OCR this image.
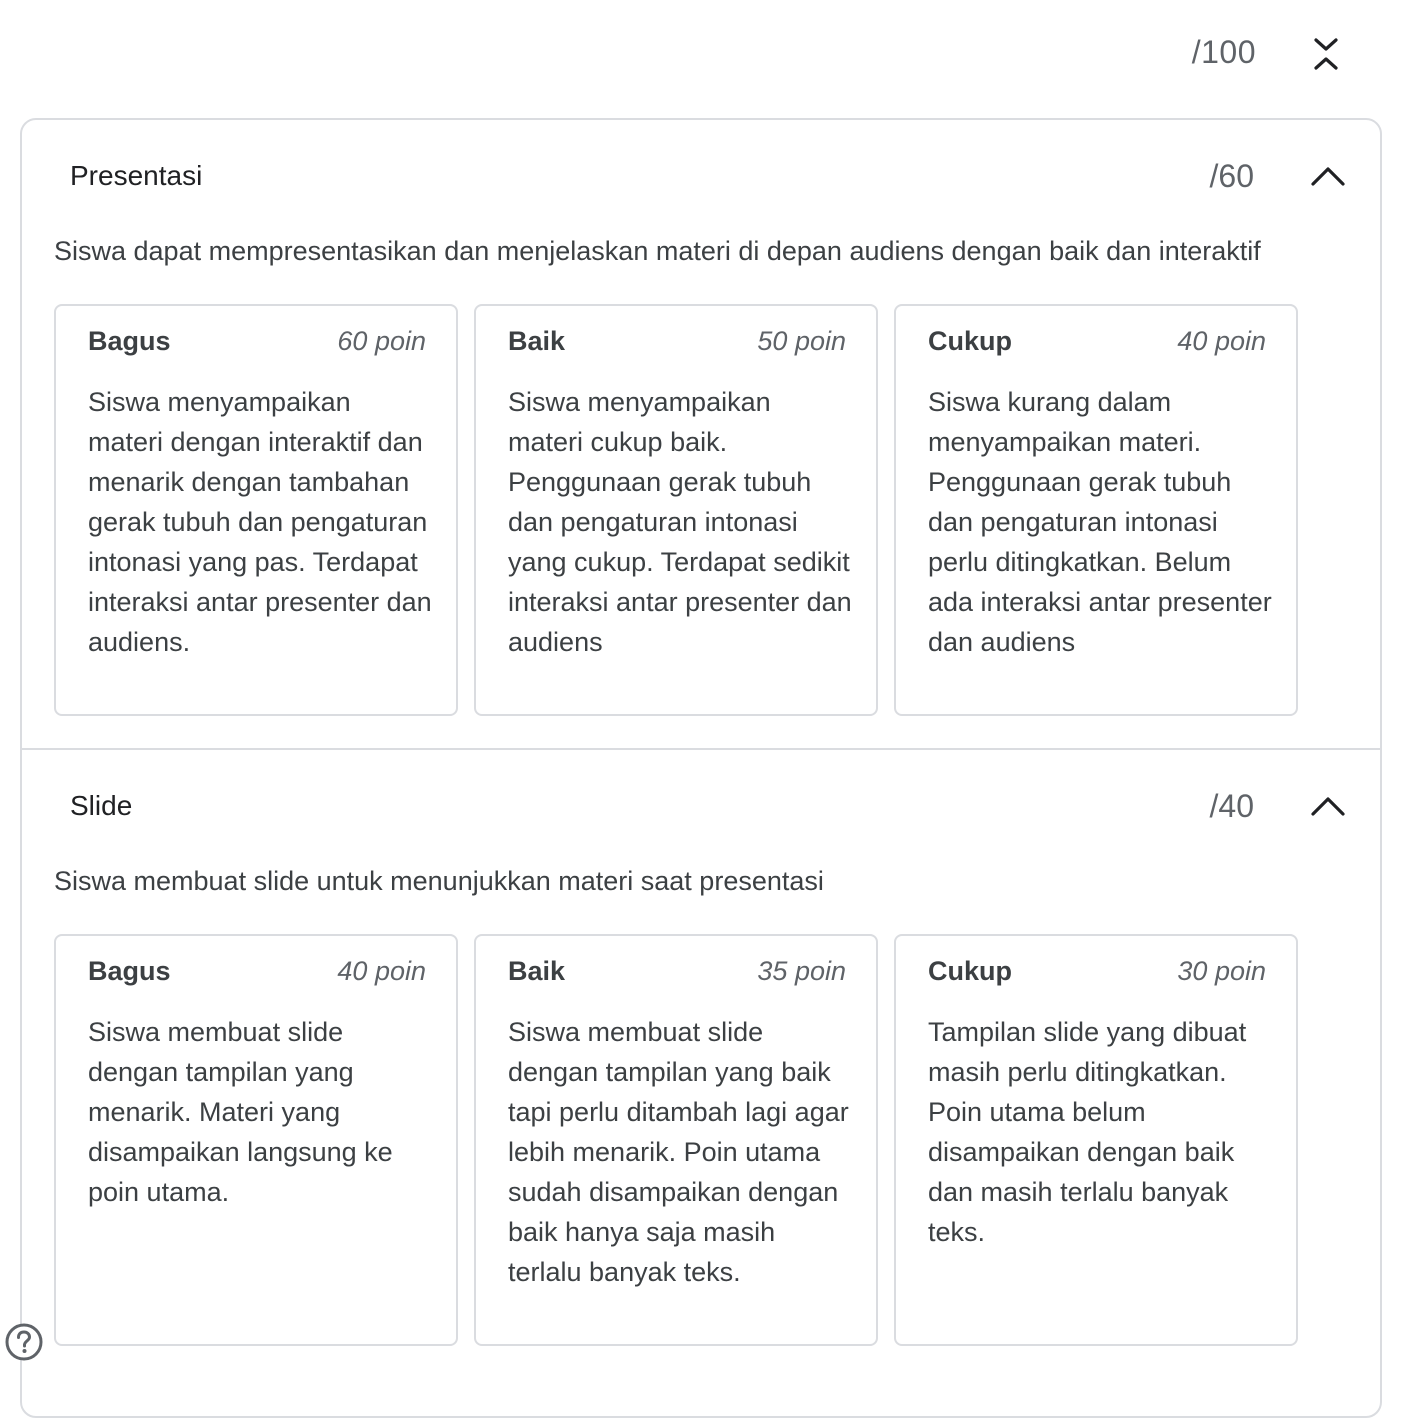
/100
Presentasi	/60
Siswa dapat mempresentasikan dan menjelaskan materi di depan audiens dengan baik dan interaktif
Bagus	60 poin
Siswa menyampaikan materi dengan interaktif dan menarik dengan tambahan gerak tubuh dan pengaturan intonasi yang pas. Terdapat interaksi antar presenter dan audiens.
Baik	50 poin
Siswa menyampaikan materi cukup baik. Penggunaan gerak tubuh dan pengaturan intonasi yang cukup. Terdapat sedikit interaksi antar presenter dan audiens
Cukup	40 poin
Siswa kurang dalam menyampaikan materi. Penggunaan gerak tubuh dan pengaturan intonasi perlu ditingkatkan. Belum ada interaksi antar presenter dan audiens
Slide	/40
Siswa membuat slide untuk menunjukkan materi saat presentasi
Bagus	40 poin
Siswa membuat slide dengan tampilan yang menarik. Materi yang disampaikan langsung ke poin utama.
Baik	35 poin
Siswa membuat slide dengan tampilan yang baik tapi perlu ditambah lagi agar lebih menarik. Poin utama sudah disampaikan dengan baik hanya saja masih terlalu banyak teks.
Cukup	30 poin
Tampilan slide yang dibuat masih perlu ditingkatkan. Poin utama belum disampaikan dengan baik dan masih terlalu banyak teks.
